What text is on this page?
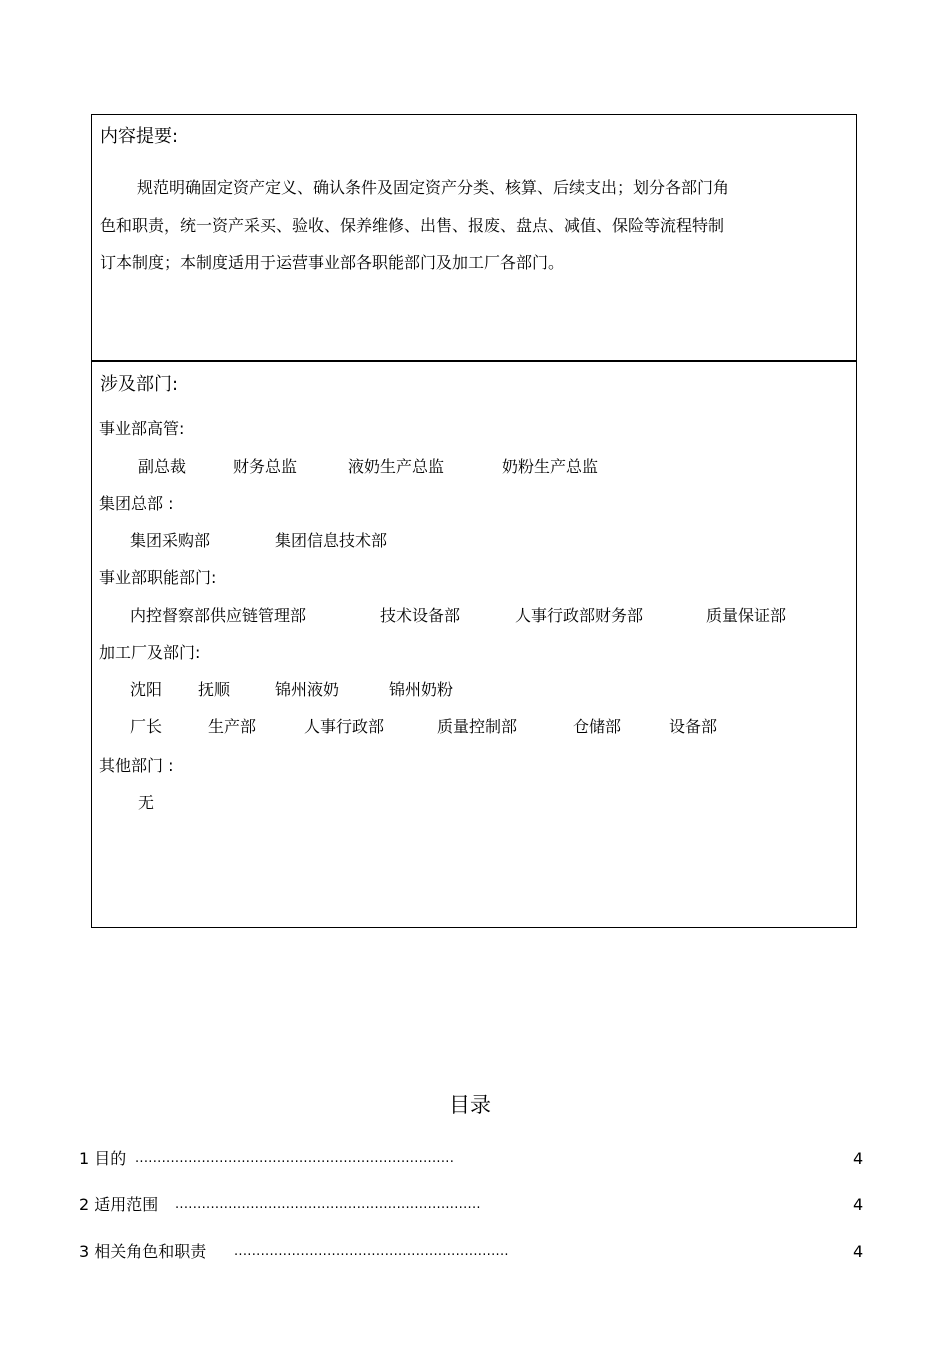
内容提要:
规范明确固定资产定义、确认条件及固定资产分类、核算、后续支出；划分各部门角
色和职责，统一资产采买、验收、保养维修、出售、报废、盘点、减值、保险等流程特制
订本制度；本制度适用于运营事业部各职能部门及加工厂各部门。
涉及部门:
事业部高管:
副总裁	财务总监	液奶生产总监	奶粉生产总监
集团总部 :
集团采购部	集团信息技术部
事业部职能部门:
内控督察部供应链管理部	技术设备部	人事行政部财务部	质量保证部
加工厂及部门:
沈阳 抚顺	锦州液奶	锦州奶粉
厂长	生产部	人事行政部	质量控制部	仓储部	设备部
其他部门 :
无
目录
1 目的 ........................................................................	4
2 适用范围 .....................................................................	4
3 相关角色和职责 ..............................................................	4
